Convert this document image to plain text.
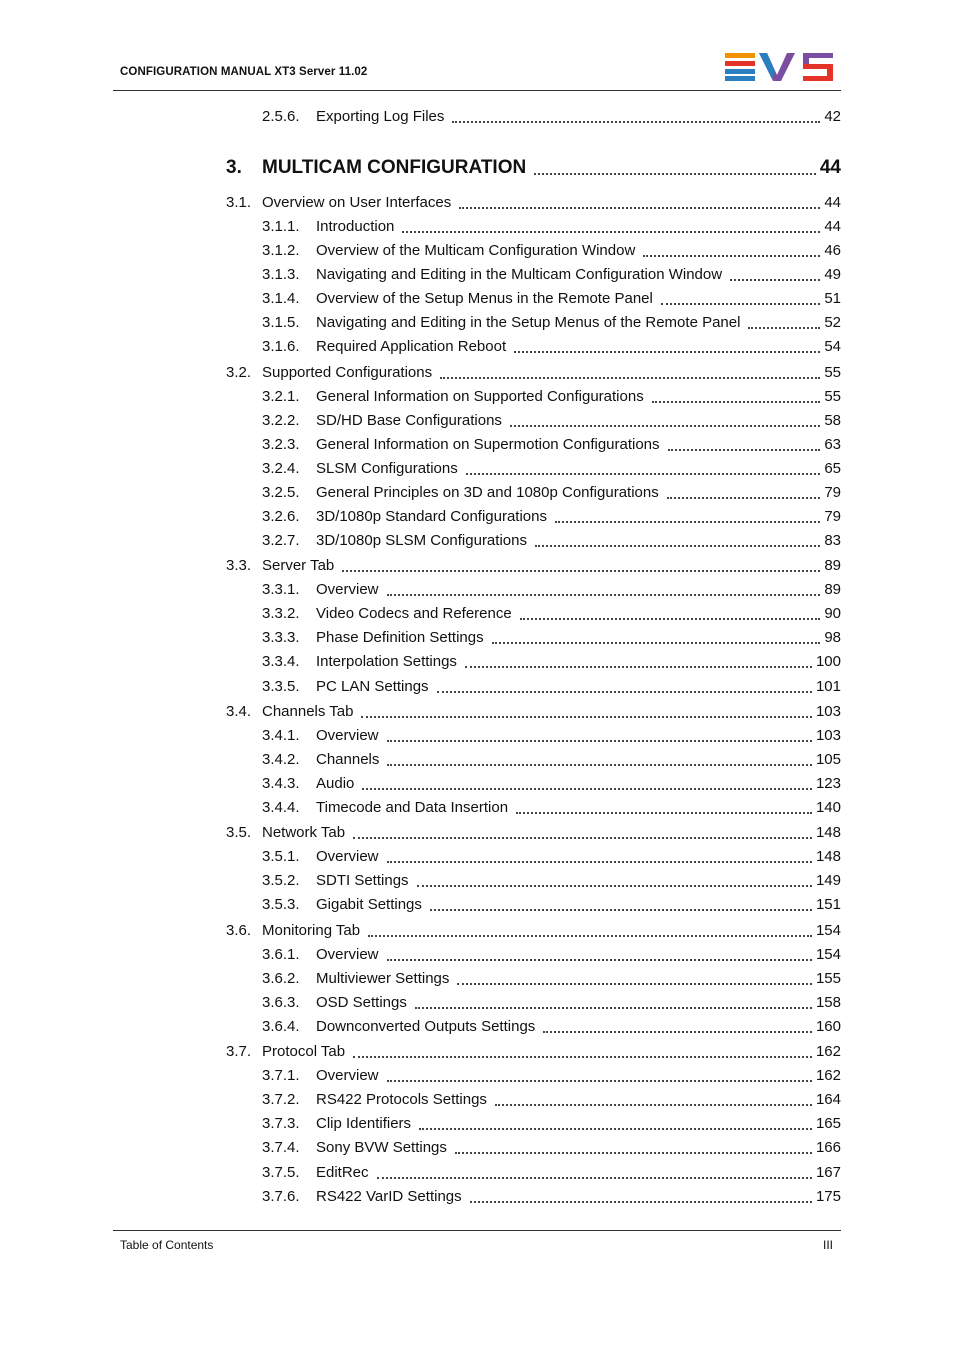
CONFIGURATION MANUAL XT3 Server 11.02
2.5.6.	Exporting Log Files	42
3.	MULTICAM CONFIGURATION	44
3.1. Overview on User Interfaces	44
3.1.1.	Introduction	44
3.1.2.	Overview of the Multicam Configuration Window	46
3.1.3.	Navigating and Editing in the Multicam Configuration Window	49
3.1.4.	Overview of the Setup Menus in the Remote Panel	51
3.1.5.	Navigating and Editing in the Setup Menus of the Remote Panel	52
3.1.6.	Required Application Reboot	54
3.2. Supported Configurations	55
3.2.1.	General Information on Supported Configurations	55
3.2.2.	SD/HD Base Configurations	58
3.2.3.	General Information on Supermotion Configurations	63
3.2.4.	SLSM Configurations	65
3.2.5.	General Principles on 3D and 1080p Configurations	79
3.2.6.	3D/1080p Standard Configurations	79
3.2.7.	3D/1080p SLSM Configurations	83
3.3. Server Tab	89
3.3.1.	Overview	89
3.3.2.	Video Codecs and Reference	90
3.3.3.	Phase Definition Settings	98
3.3.4.	Interpolation Settings	100
3.3.5.	PC LAN Settings	101
3.4. Channels Tab	103
3.4.1.	Overview	103
3.4.2.	Channels	105
3.4.3.	Audio	123
3.4.4.	Timecode and Data Insertion	140
3.5. Network Tab	148
3.5.1.	Overview	148
3.5.2.	SDTI Settings	149
3.5.3.	Gigabit Settings	151
3.6. Monitoring Tab	154
3.6.1.	Overview	154
3.6.2.	Multiviewer Settings	155
3.6.3.	OSD Settings	158
3.6.4.	Downconverted Outputs Settings	160
3.7. Protocol Tab	162
3.7.1.	Overview	162
3.7.2.	RS422 Protocols Settings	164
3.7.3.	Clip Identifiers	165
3.7.4.	Sony BVW Settings	166
3.7.5.	EditRec	167
3.7.6.	RS422 VarID Settings	175
Table of Contents	III
